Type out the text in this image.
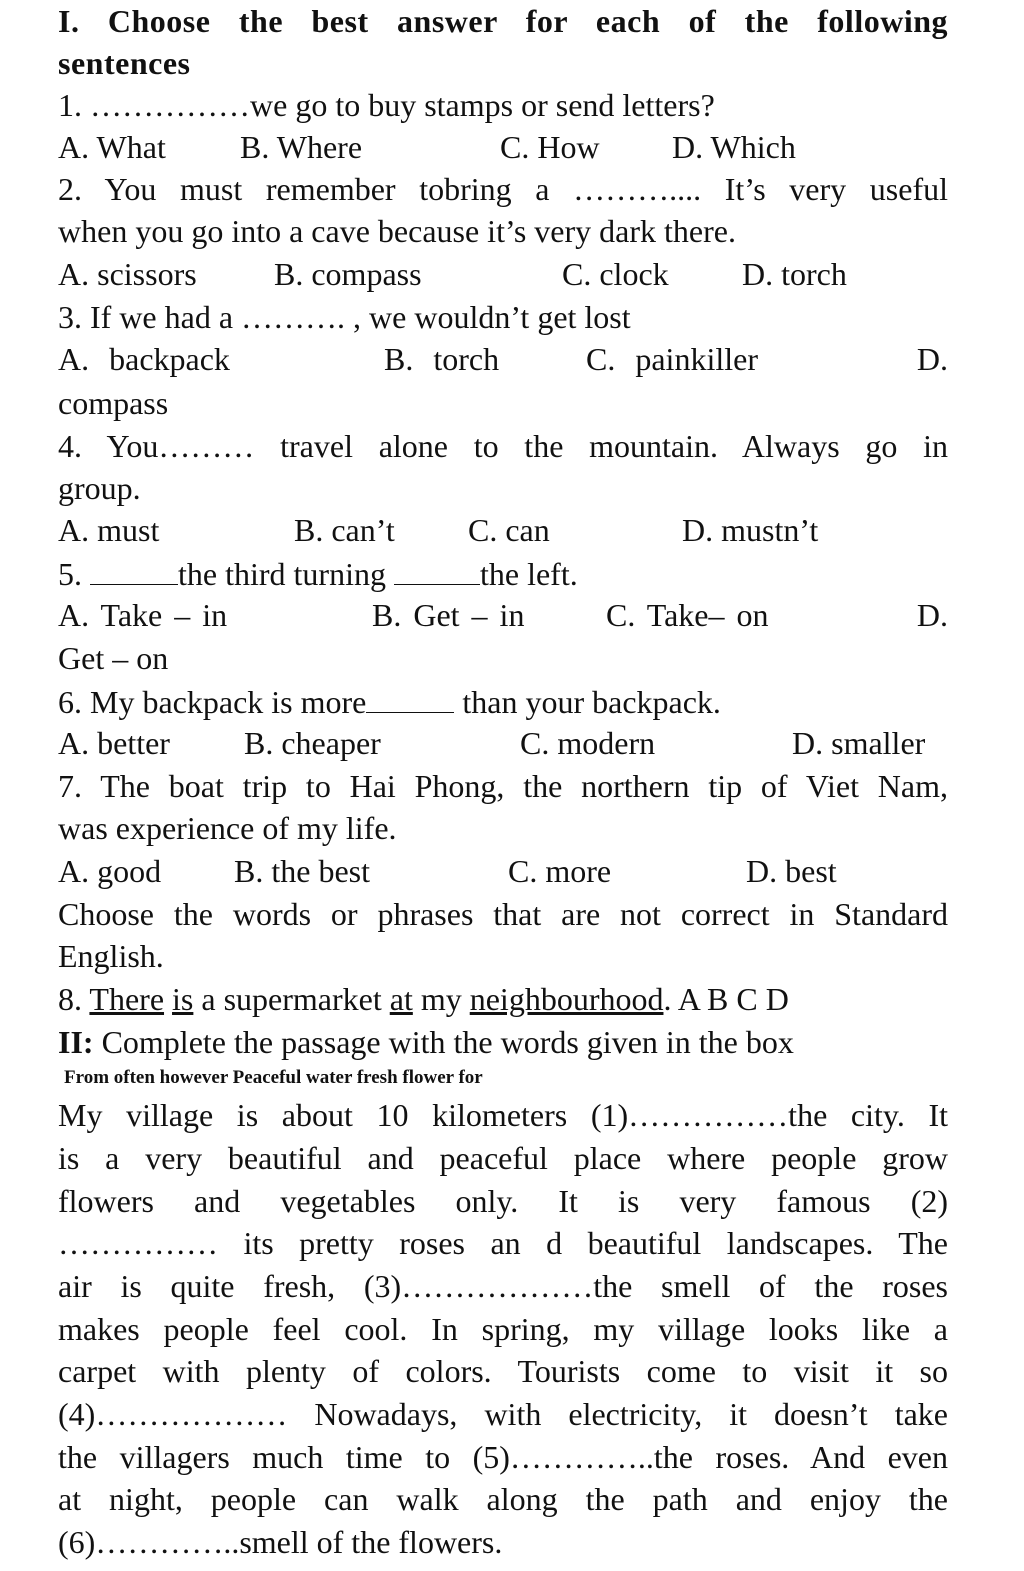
I. Choose the best answer for each of the following
sentences
1. ……………we go to buy stamps or send letters?
A. What B. Where	C. How D. Which
2. You must remember tobring a ……….... It’s very useful
when you go into a cave because it’s very dark there.
A. scissors B. compass	C. clock D. torch
3. If we had a ………. , we wouldn’t get lost
A. backpack	B. torch	C. painkiller	D.
compass
4. You……… travel alone to the mountain. Always go in
group.
A. must	B. can’t C. can	D. mustn’t
5.	the third turning	the left.
A. Take – in	B. Get – in	C. Take– on	D.
Get – on
6. My backpack is more	than your backpack.
A. better B. cheaper	C. modern	D. smaller
7. The boat trip to Hai Phong, the northern tip of Viet Nam,
was experience of my life.
A. good B. the best	C. more	D. best
Choose the words or phrases that are not correct in Standard
English.
8. There is a supermarket at my neighbourhood. A B C D
II: Complete the passage with the words given in the box
From often however Peaceful water fresh flower for
My village is about 10 kilometers (1)……………the city. It
is a very beautiful and peaceful place where people grow
flowers and vegetables only. It is very famous (2)
…………… its pretty roses an d beautiful landscapes. The
air is quite fresh, (3)………………the smell of the roses
makes people feel cool. In spring, my village looks like a
carpet with plenty of colors. Tourists come to visit it so
(4)……………… Nowadays, with electricity, it doesn’t take
the villagers much time to (5)…………..the roses. And even
at night, people can walk along the path and enjoy the
(6)…………..smell of the flowers.
